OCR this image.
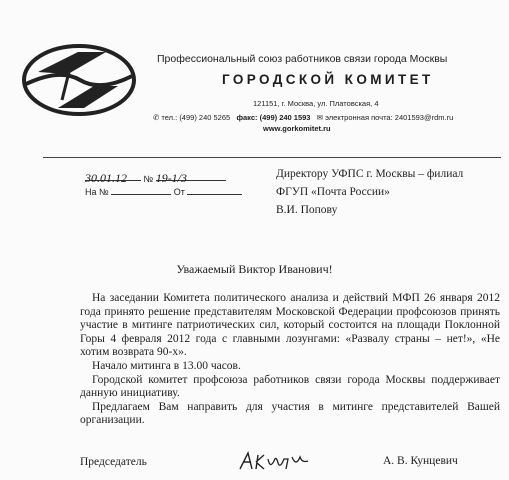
Профессиональный союз работников связи города Москвы
ГОРОДСКОЙ КОМИТЕТ
121151, г. Москва, ул. Платовская, 4
✆ тел.: (499) 240 5265 факс: (499) 240 1593 ✉ электронная почта: 2401593@rdm.ru
www.gorkomitet.ru
30.01.12 № 19-1/3
На №	От
Директору УФПС г. Москвы – филиал
ФГУП «Почта России»
В.И. Попову
Уважаемый Виктор Иванович!

На заседании Комитета политического анализа и действий МФП 26 января 2012 года принято решение представителям Московской Федерации профсоюзов принять участие в митинге патриотических сил, который состоится на площади Поклонной Горы 4 февраля 2012 года с главными лозунгами: «Развалу страны – нет!», «Не хотим возврата 90-х».

Начало митинга в 13.00 часов.

Городской комитет профсоюза работников связи города Москвы поддерживает данную инициативу.

Предлагаем Вам направить для участия в митинге представителей Вашей организации.

Председатель	А. В. Кунцевич
